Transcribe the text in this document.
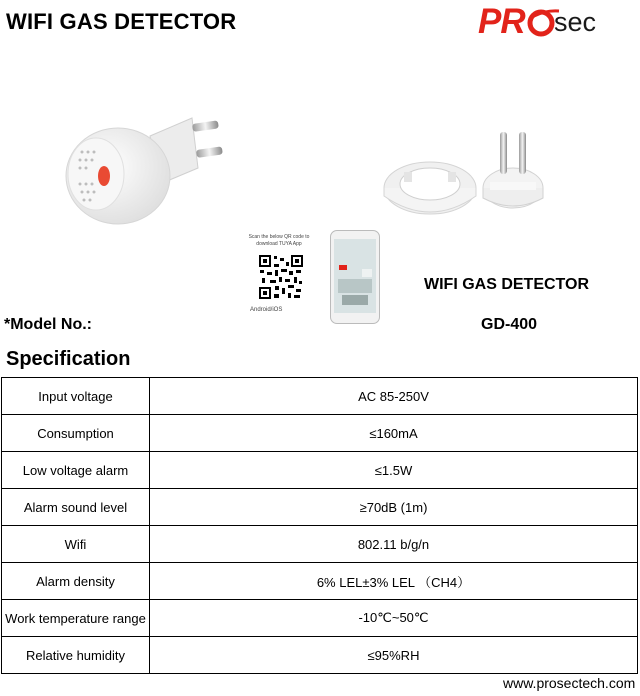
WIFI GAS DETECTOR	PR sec
Scan the below QR code to download TUYA App
Android/iOS
WIFI GAS DETECTOR
*Model No.:	GD-400
Specification
Input voltage	AC 85-250V
Consumption	≤160mA
Low voltage alarm	≤1.5W
Alarm sound level	≥70dB (1m)
Wifi	802.11 b/g/n
Alarm density	6% LEL±3% LEL （CH4）
Work temperature range	-10℃~50℃
Relative humidity	≤95%RH
www.prosectech.com
